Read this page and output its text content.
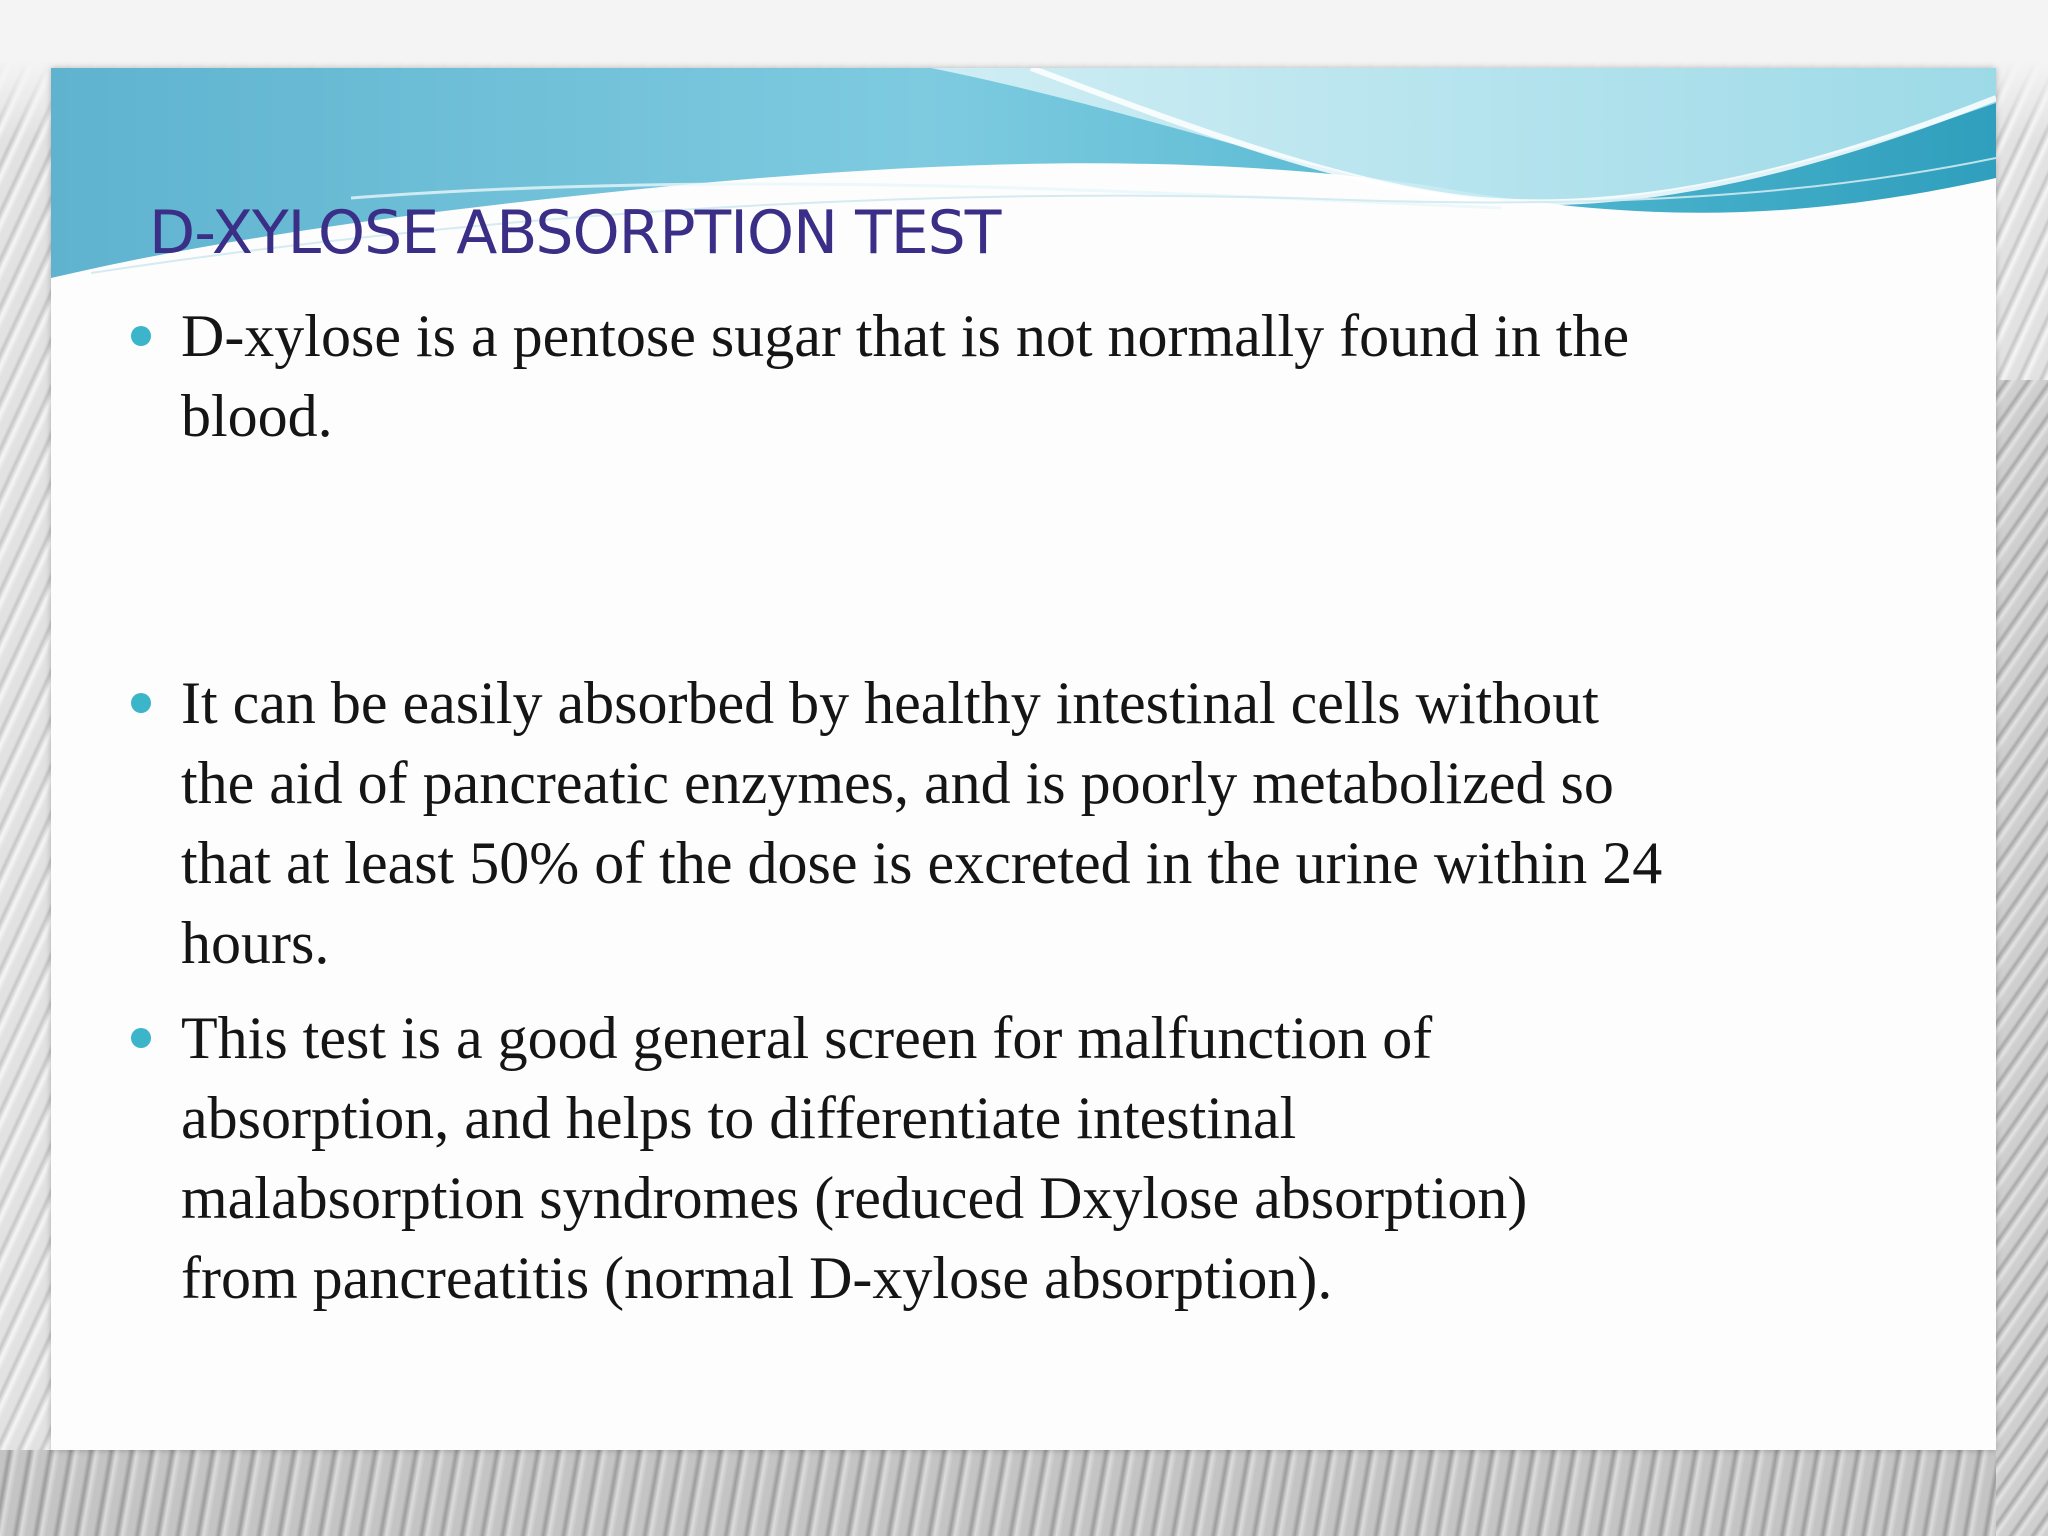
D-XYLOSE ABSORPTION TEST
D-xylose is a pentose sugar that is not normally found in the
blood.
It can be easily absorbed by healthy intestinal cells without
the aid of pancreatic enzymes, and is poorly metabolized so
that at least 50% of the dose is excreted in the urine within 24
hours.
This test is a good general screen for malfunction of
absorption, and helps to differentiate intestinal
malabsorption syndromes (reduced Dxylose absorption)
from pancreatitis (normal D-xylose absorption).
